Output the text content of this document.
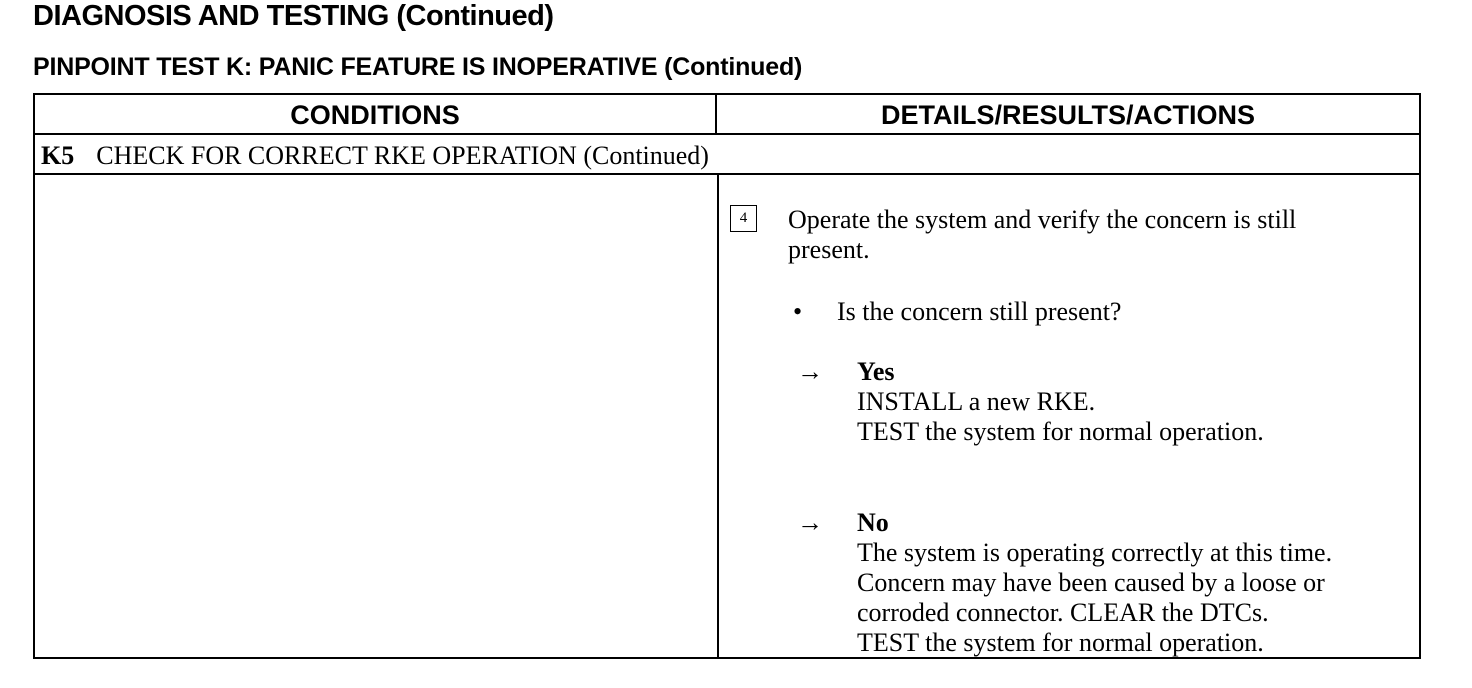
DIAGNOSIS AND TESTING (Continued)
PINPOINT TEST K: PANIC FEATURE IS INOPERATIVE (Continued)
CONDITIONS	DETAILS/RESULTS/ACTIONS
K5 CHECK FOR CORRECT RKE OPERATION (Continued)
4	Operate the system and verify the concern is still
present.
• Is the concern still present?
→ Yes
INSTALL a new RKE.
TEST the system for normal operation.
→ No
The system is operating correctly at this time.
Concern may have been caused by a loose or
corroded connector. CLEAR the DTCs.
TEST the system for normal operation.
